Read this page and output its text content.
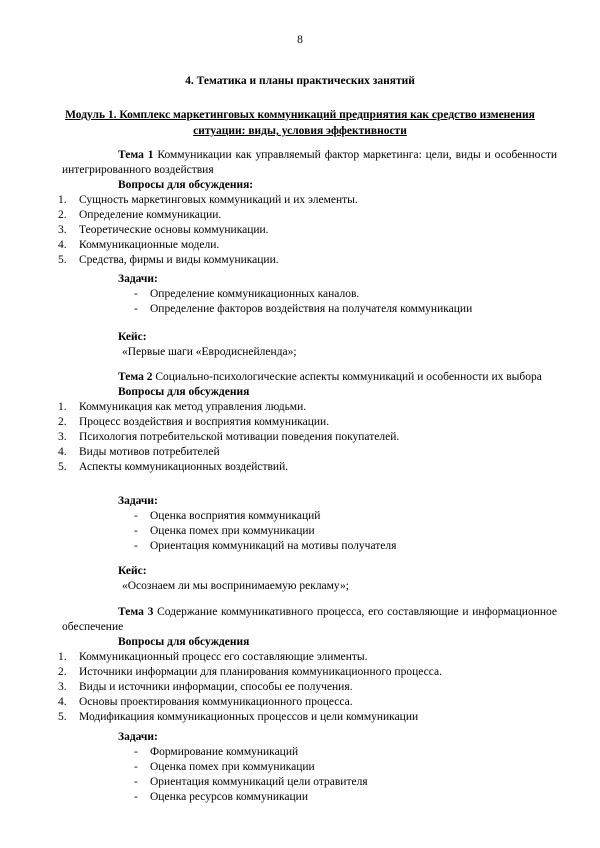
8
4. Тематика и планы практических занятий
Модуль 1. Комплекс маркетинговых коммуникаций предприятия как средство изменения ситуации: виды, условия эффективности
Тема 1 Коммуникации как управляемый фактор маркетинга: цели, виды и особенности интегрированного воздействия
Вопросы для обсуждения:
1. Сущность маркетинговых коммуникаций и их элементы.
2. Определение коммуникации.
3. Теоретические основы коммуникации.
4. Коммуникационные модели.
5. Средства, фирмы и виды коммуникации.
Задачи:
- Определение коммуникационных каналов.
- Определение факторов воздействия на получателя коммуникации
Кейс:
«Первые шаги «Евродиснейленда»;
Тема 2 Социально-психологические аспекты коммуникаций и особенности их выбора
Вопросы для обсуждения
1. Коммуникация как метод управления людьми.
2. Процесс воздействия и восприятия коммуникации.
3. Психология потребительской мотивации поведения покупателей.
4. Виды мотивов потребителей
5. Аспекты коммуникационных воздействий.
Задачи:
- Оценка восприятия коммуникаций
- Оценка помех при коммуникации
- Ориентация коммуникаций на мотивы получателя
Кейс:
«Осознаем ли мы воспринимаемую рекламу»;
Тема 3 Содержание коммуникативного процесса, его составляющие и информационное обеспечение
Вопросы для обсуждения
1. Коммуникационный процесс его составляющие элименты.
2. Источники информации для планирования коммуникационного процесса.
3. Виды и источники информации, способы ее получения.
4. Основы проектирования коммуникационного процесса.
5. Модификациия коммуникационных процессов и цели коммуникации
Задачи:
- Формирование коммуникаций
- Оценка помех при коммуникации
- Ориентация коммуникаций цели отравителя
- Оценка ресурсов коммуникации
